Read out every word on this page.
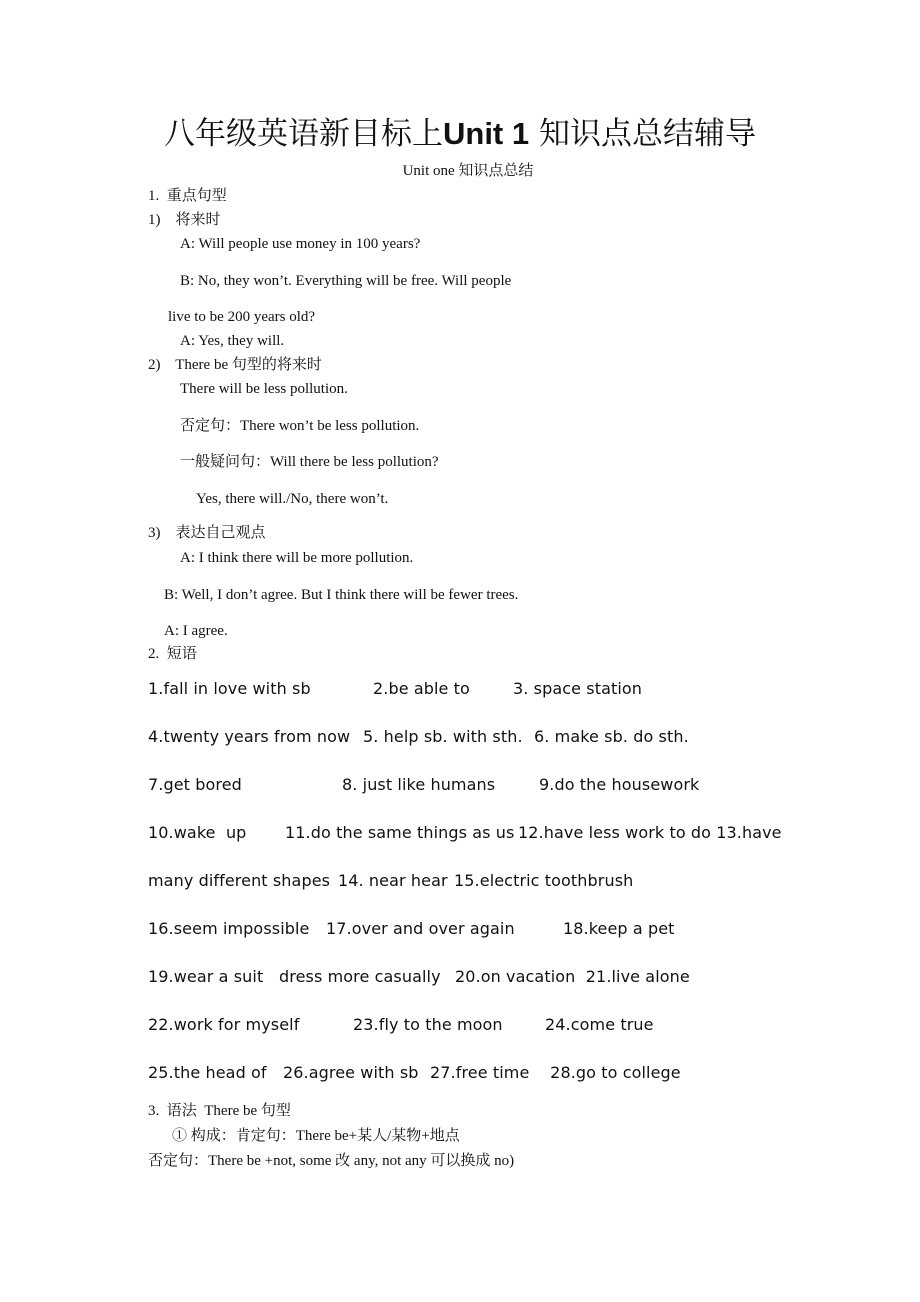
八年级英语新目标上Unit 1 知识点总结辅导
Unit one 知识点总结
1.  重点句型
1)    将来时
A: Will people use money in 100 years?
B: No, they won’t. Everything will be free. Will people
live to be 200 years old?
A: Yes, they will.
2)    There be 句型的将来时
There will be less pollution.
否定句：There won’t be less pollution.
一般疑问句：Will there be less pollution?
Yes, there will./No, there won’t.
3)    表达自己观点
A: I think there will be more pollution.
B: Well, I don’t agree. But I think there will be fewer trees.
A: I agree.
2.  短语
1.fall in love with sb	2.be able to	3. space station
4.twenty years from now 5. help sb. with sth. 6. make sb. do sth.
7.get bored	8. just like humans	9.do the housework
10.wake  up 11.do the same things as us 12.have less work to do 13.have
many different shapes 14. near hear 15.electric toothbrush
16.seem impossible 17.over and over again	18.keep a pet
19.wear a suit dress more casually 20.on vacation  21.live alone
22.work for myself	23.fly to the moon	24.come true
25.the head of 26.agree with sb 27.free time    28.go to college
3.  语法  There be 句型
① 构成：肯定句：There be+某人/某物+地点
否定句：There be +not, some 改 any, not any 可以换成 no)
